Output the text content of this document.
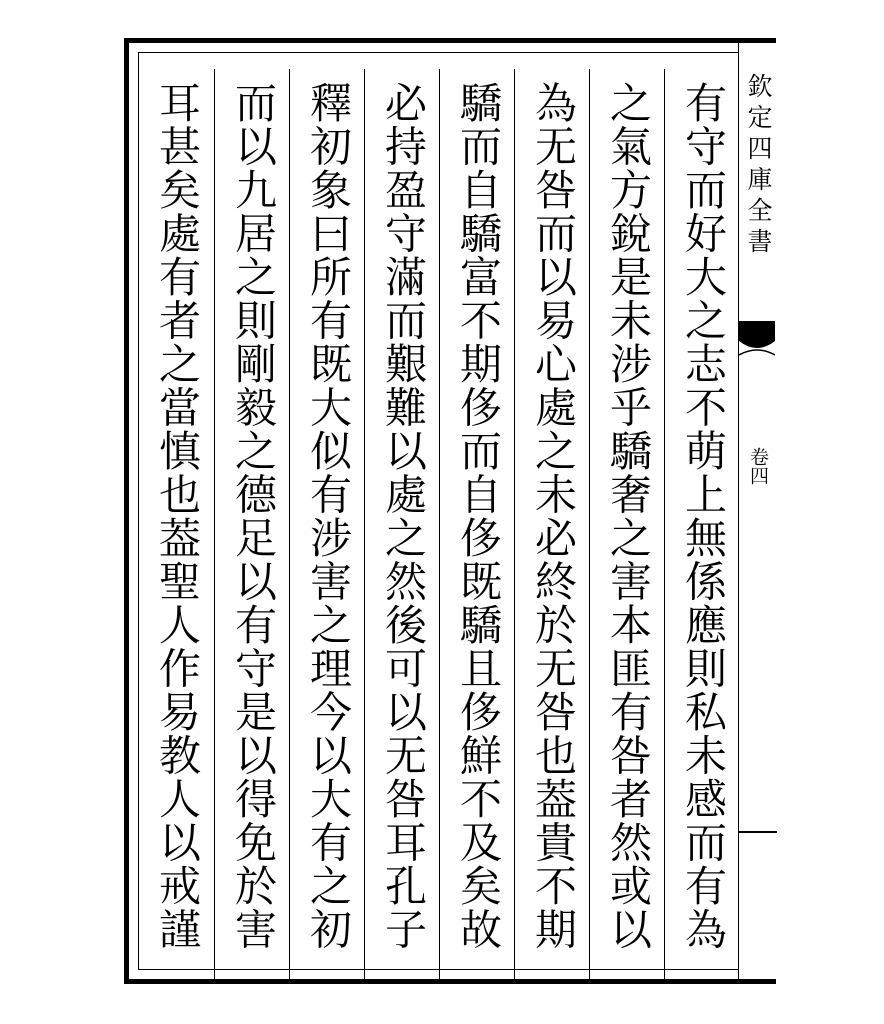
耳甚矣處有者之當慎也葢聖人作易教人以戒謹 而以九居之則剛毅之德足以有守是以得免於害 釋初象曰所有既大似有涉害之理今以大有之初 必持盈守滿而艱難以處之然後可以无咎耳孔子 驕而自驕富不期侈而自侈既驕且侈鮮不及矣故 為无咎而以易心處之未必終於无咎也葢貴不期 之氣方銳是未涉乎驕奢之害本匪有咎者然或以 有守而好大之志不萌上無係應則私未感而有為 欽定四庫全書
卷四
